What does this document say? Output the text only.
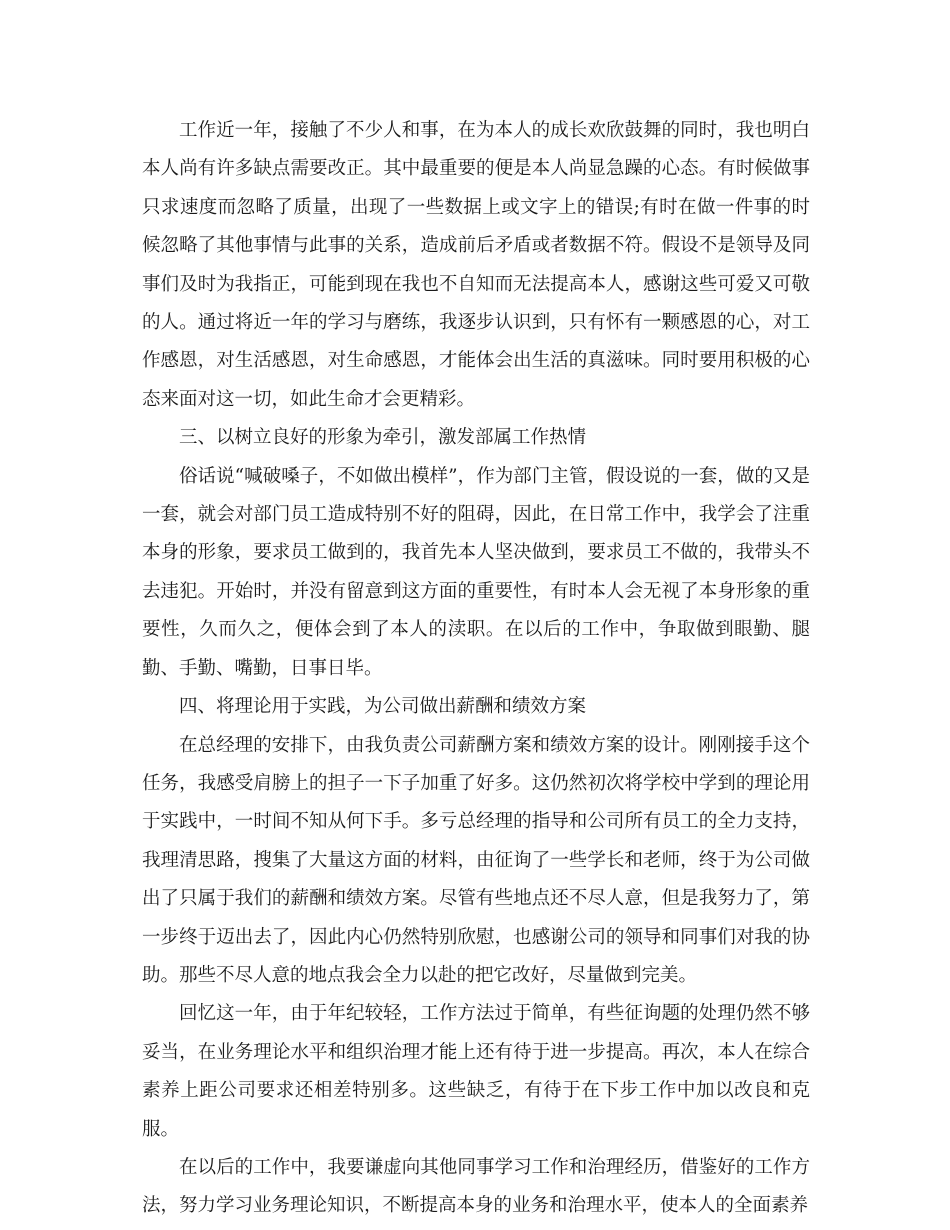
工作近一年，接触了不少人和事，在为本人的成长欢欣鼓舞的同时，我也明白本人尚有许多缺点需要改正。其中最重要的便是本人尚显急躁的心态。有时候做事只求速度而忽略了质量，出现了一些数据上或文字上的错误;有时在做一件事的时候忽略了其他事情与此事的关系，造成前后矛盾或者数据不符。假设不是领导及同事们及时为我指正，可能到现在我也不自知而无法提高本人，感谢这些可爱又可敬的人。通过将近一年的学习与磨练，我逐步认识到，只有怀有一颗感恩的心，对工作感恩，对生活感恩，对生命感恩，才能体会出生活的真滋味。同时要用积极的心态来面对这一切，如此生命才会更精彩。

三、以树立良好的形象为牵引，激发部属工作热情

俗话说“喊破嗓子，不如做出模样”，作为部门主管，假设说的一套，做的又是一套，就会对部门员工造成特别不好的阻碍，因此，在日常工作中，我学会了注重本身的形象，要求员工做到的，我首先本人坚决做到，要求员工不做的，我带头不去违犯。开始时，并没有留意到这方面的重要性，有时本人会无视了本身形象的重要性，久而久之，便体会到了本人的渎职。在以后的工作中，争取做到眼勤、腿勤、手勤、嘴勤，日事日毕。

四、将理论用于实践，为公司做出薪酬和绩效方案

在总经理的安排下，由我负责公司薪酬方案和绩效方案的设计。刚刚接手这个任务，我感受肩膀上的担子一下子加重了好多。这仍然初次将学校中学到的理论用于实践中，一时间不知从何下手。多亏总经理的指导和公司所有员工的全力支持，我理清思路，搜集了大量这方面的材料，由征询了一些学长和老师，终于为公司做出了只属于我们的薪酬和绩效方案。尽管有些地点还不尽人意，但是我努力了，第一步终于迈出去了，因此内心仍然特别欣慰，也感谢公司的领导和同事们对我的协助。那些不尽人意的地点我会全力以赴的把它改好，尽量做到完美。

回忆这一年，由于年纪较轻，工作方法过于简单，有些征询题的处理仍然不够妥当，在业务理论水平和组织治理才能上还有待于进一步提高。再次，本人在综合素养上距公司要求还相差特别多。这些缺乏，有待于在下步工作中加以改良和克服。

在以后的工作中，我要谦虚向其他同事学习工作和治理经历，借鉴好的工作方法，努力学习业务理论知识，不断提高本身的业务和治理水平，使本人的全面素养
